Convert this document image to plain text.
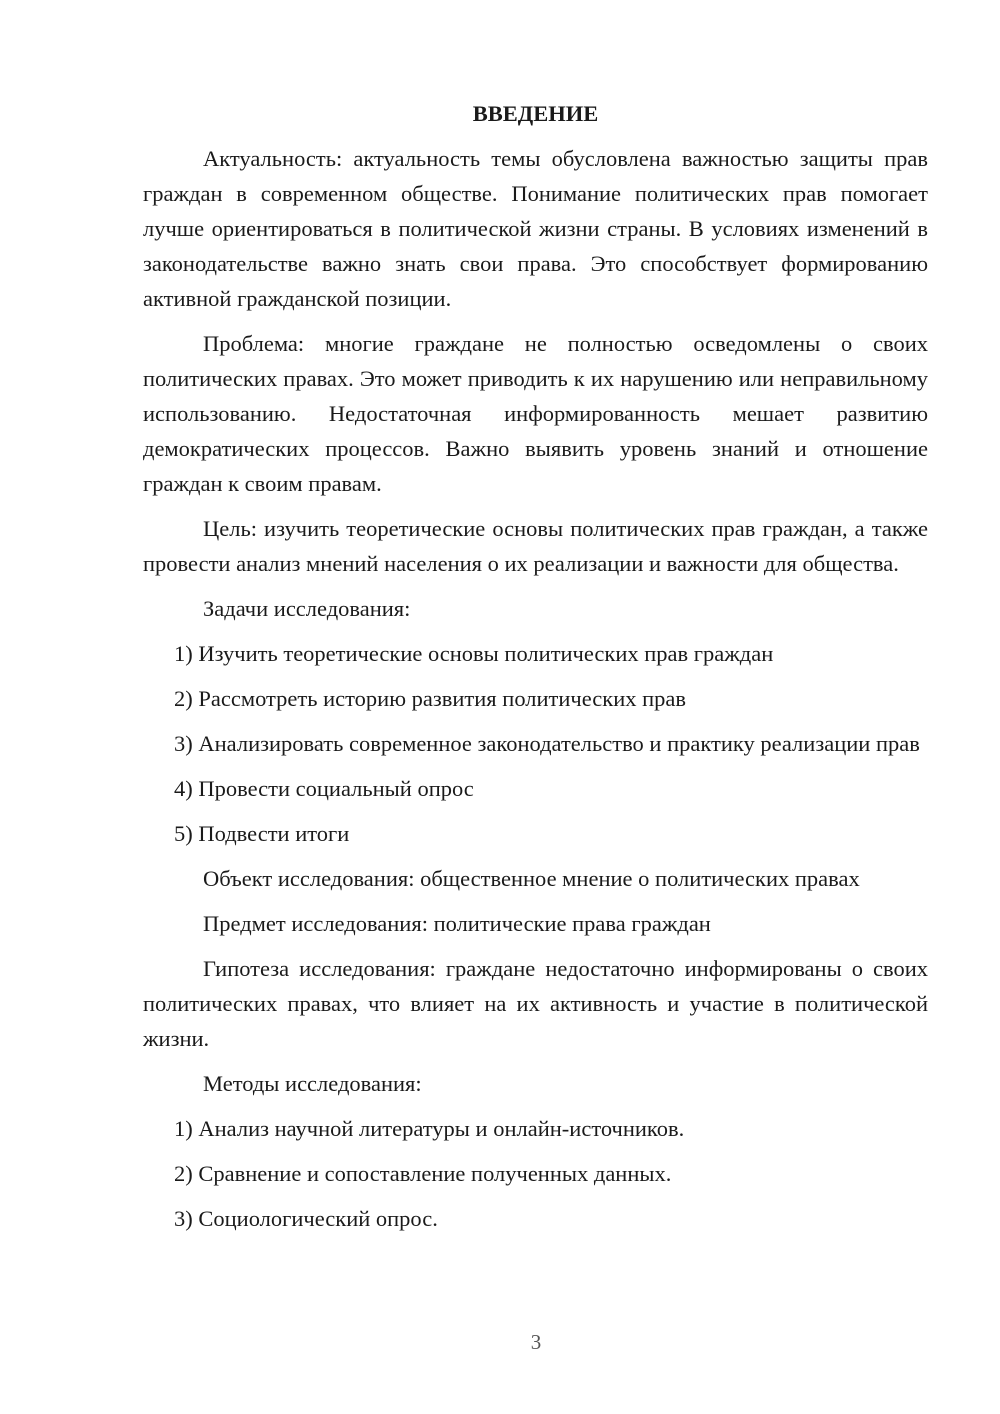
ВВЕДЕНИЕ

Актуальность: актуальность темы обусловлена важностью защиты прав граждан в современном обществе. Понимание политических прав помогает лучше ориентироваться в политической жизни страны. В условиях изменений в законодательстве важно знать свои права. Это способствует формированию активной гражданской позиции.

Проблема: многие граждане не полностью осведомлены о своих политических правах. Это может приводить к их нарушению или неправильному использованию. Недостаточная информированность мешает развитию демократических процессов. Важно выявить уровень знаний и отношение граждан к своим правам.

Цель: изучить теоретические основы политических прав граждан, а также провести анализ мнений населения о их реализации и важности для общества.

Задачи исследования:

1) Изучить теоретические основы политических прав граждан

2) Рассмотреть историю развития политических прав

3) Анализировать современное законодательство и практику реализации прав

4) Провести социальный опрос

5) Подвести итоги

Объект исследования: общественное мнение о политических правах

Предмет исследования: политические права граждан

Гипотеза исследования: граждане недостаточно информированы о своих политических правах, что влияет на их активность и участие в политической жизни.

Методы исследования:

1) Анализ научной литературы и онлайн-источников.

2) Сравнение и сопоставление полученных данных.

3) Социологический опрос.

3
